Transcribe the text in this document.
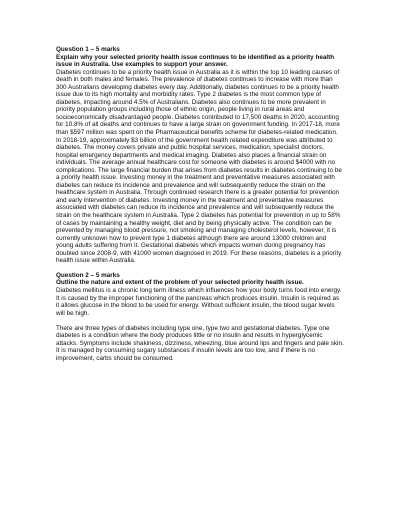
Question 1 – 5 marks

Explain why your selected priority health issue continues to be identified as a priority health issue in Australia. Use examples to support your answer.

Diabetes continues to be a priority health issue in Australia as it is within the top 10 leading causes of death in both males and females. The prevalence of diabetes continues to increase with more than 300 Australians developing diabetes every day. Additionally, diabetes continues to be a priority health issue due to its high mortality and morbidity rates. Type 2 diabetes is the most common type of diabetes, impacting around 4.5% of Australians. Diabetes also continues to be more prevalent in priority population groups including those of ethnic origin, people living in rural areas and socioeconomically disadvantaged people. Diabetes contributed to 17,500 deaths in 2020, accounting for 10.8% of all deaths and continues to have a large strain on government funding. In 2017-18, more than $597 million was spent on the Pharmaceutical benefits scheme for diabetes-related medication. In 2018-19, approximately $3 billion of the government health related expenditure was attributed to diabetes. The money covers private and public hospital services, medication, specialist doctors, hospital emergency departments and medical imaging. Diabetes also places a financial strain on individuals. The average annual healthcare cost for someone with diabetes is around $4000 with no complications. The large financial burden that arises from diabetes results in diabetes continuing to be a priority health issue. Investing money in the treatment and preventative measures associated with diabetes can reduce its incidence and prevalence and will subsequently reduce the strain on the healthcare system in Australia. Through continued research there is a greater potential for prevention and early intervention of diabetes. Investing money in the treatment and preventative measures associated with diabetes can reduce its incidence and prevalence and will subsequently reduce the strain on the healthcare system in Australia. Type 2 diabetes has potential for prevention in up to 58% of cases by maintaining a healthy weight, diet and by being physically active. The condition can be prevented by managing blood pressure, not smoking and managing cholesterol levels, however, it is currently unknown how to prevent type 1 diabetes although there are around 13000 children and young adults suffering from it. Gestational diabetes which impacts women during pregnancy has doubled since 2008-9, with 41000 women diagnosed in 2019. For these reasons, diabetes is a priority health issue within Australia.

Question 2 – 5 marks

Outline the nature and extent of the problem of your selected priority health issue.

Diabetes mellitus is a chronic long term illness which influences how your body turns food into energy. It is caused by the improper functioning of the pancreas which produces insulin. Insulin is required as it allows glucose in the blood to be used for energy. Without sufficient insulin, the blood sugar levels will be high.

There are three types of diabetes including type one, type two and gestational diabetes. Type one diabetes is a condition where the body produces little or no insulin and results in hyperglycemic attacks. Symptoms include shakiness, dizziness, wheezing, blue around lips and fingers and pale skin. It is managed by consuming sugary substances if insulin levels are too low, and if there is no improvement, carbs should be consumed.
